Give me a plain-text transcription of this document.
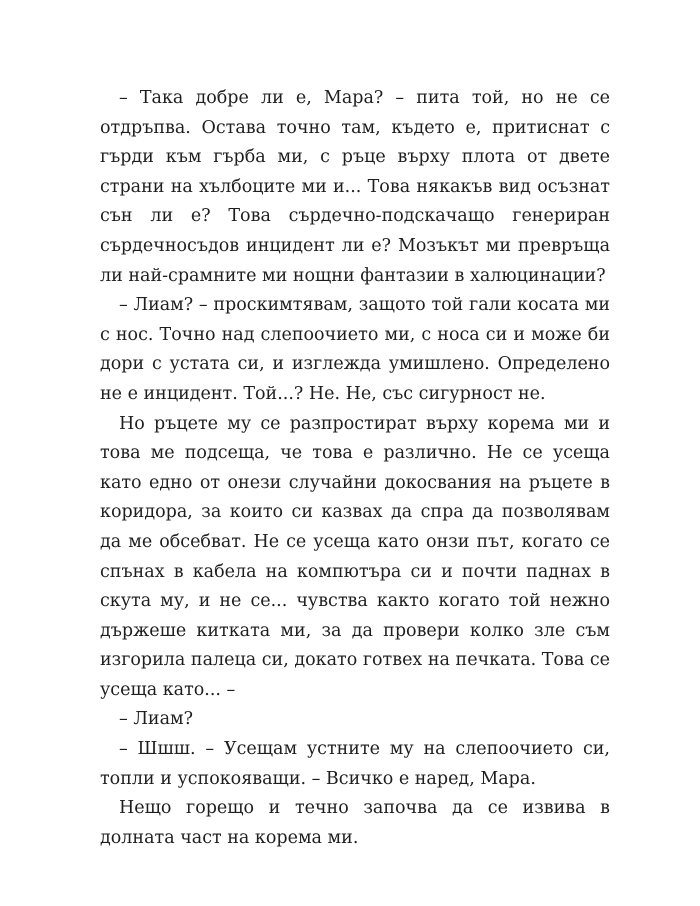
– Така добре ли е, Мара? – пита той, но не се отдръпва. Остава точно там, където е, притиснат с гърди към гърба ми, с ръце върху плота от двете страни на хълбоците ми и... Това някакъв вид осъзнат сън ли е? Това сърдечно-подскачащо генериран сърдечносъдов инцидент ли е? Мозъкът ми превръща ли най-срамните ми нощни фантазии в халюцинации?

– Лиам? – проскимтявам, защото той гали косата ми с нос. Точно над слепоочието ми, с носа си и може би дори с устата си, и изглежда умишлено. Определено не е инцидент. Той...? Не. Не, със сигурност не.

Но ръцете му се разпростират върху корема ми и това ме подсеща, че това е различно. Не се усеща като едно от онези случайни докосвания на ръцете в коридора, за които си казвах да спра да позволявам да ме обсебват. Не се усеща като онзи път, когато се спънах в кабела на компютъра си и почти паднах в скута му, и не се... чувства както когато той нежно държеше китката ми, за да провери колко зле съм изгорила палеца си, докато готвех на печката. Това се усеща като... –

– Лиам?

– Шшш. – Усещам устните му на слепоочието си, топли и успокояващи. – Всичко е наред, Мара.

Нещо горещо и течно започва да се извива в долната част на корема ми.
